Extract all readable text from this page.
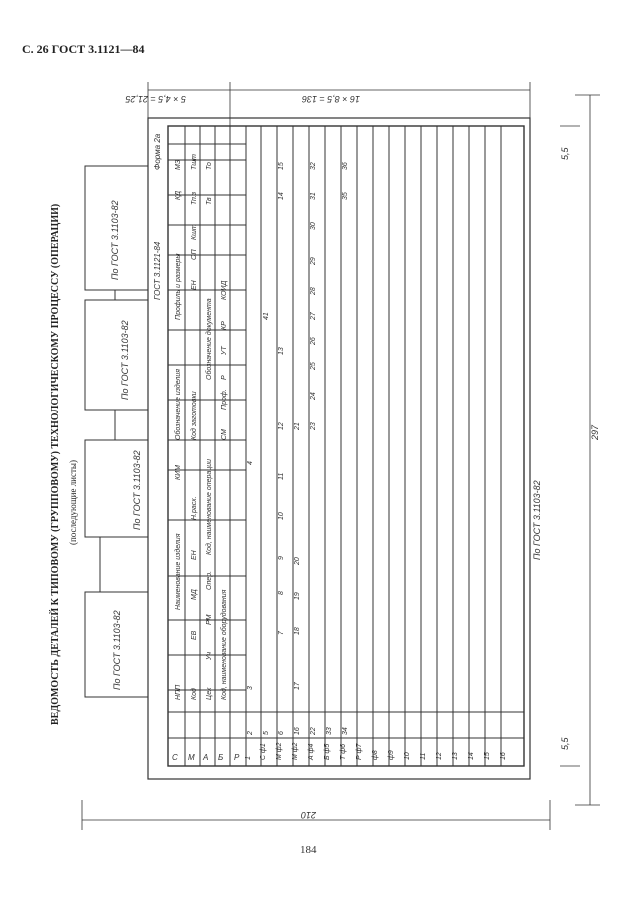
С. 26 ГОСТ 3.1121—84
ВЕДОМОСТЬ ДЕТАЛЕЙ К ТИПОВОМУ (ГРУППОВОМУ) ТЕХНОЛОГИЧЕСКОМУ ПРОЦЕССУ (ОПЕРАЦИИ) (последующие листы)
5 × 4,5 = 21,25	16 × 8,5 = 136
210
297
5,5
5,5
По ГОСТ 3.1103-82
По ГОСТ 3.1103-82
По ГОСТ 3.1103-82
По ГОСТ 3.1103-82	ГОСТ 3.1121-84
Форма 2а
По ГОСТ 3.1103-82
С М А Б Р
НПП
Наименование изделия
КИМ
Обозначение изделия
Профиль и размеры
КД
МЗ
Код
ЕВ
МД
ЕН
Н.расх.
Код заготовки
ЕН
ОП
Кшт
Тп.з
Тшт
Цех
Уч
РМ
Опер.
Код, наименование операции
Обозначение документа
Тв
То
Код, наименование оборудования
СМ
Проф.
Р
УТ
КР
КОИД
1 С ф1 М ф2 М ф2 А ф4 Б ф5 Т ф6 Р ф7 ф8 ф9 10 11 12 13 14 15 16
2
3
4
5 6
7
8
9
10
11
12
13
14
15
16
17
18
19
20
21
22
23
24
25
26
27
28
29
30
31
32
33 34
35
36
41
184
